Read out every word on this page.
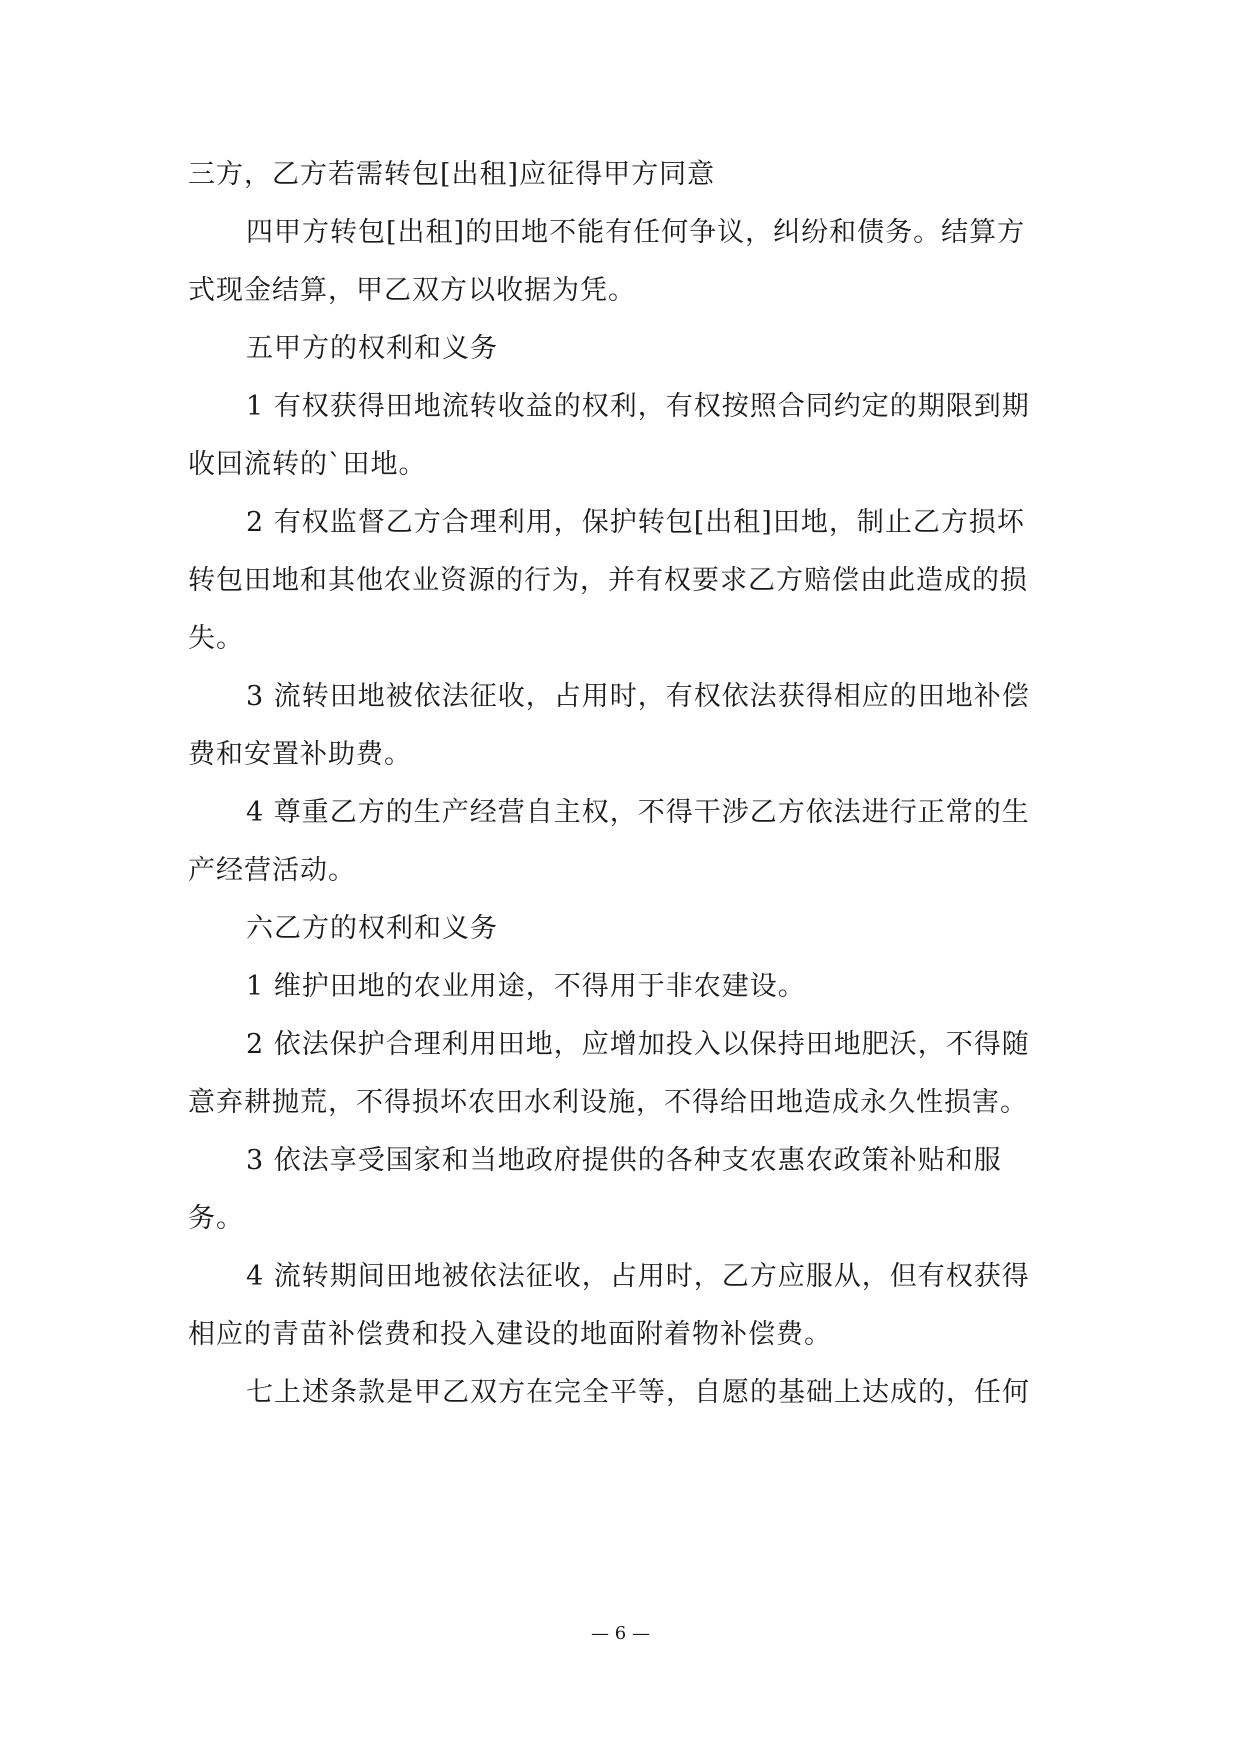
三方，乙方若需转包[出租]应征得甲方同意
四甲方转包[出租]的田地不能有任何争议，纠纷和债务。结算方
式现金结算，甲乙双方以收据为凭。
五甲方的权利和义务
1 有权获得田地流转收益的权利，有权按照合同约定的期限到期
收回流转的`田地。
2 有权监督乙方合理利用，保护转包[出租]田地，制止乙方损坏
转包田地和其他农业资源的行为，并有权要求乙方赔偿由此造成的损
失。
3 流转田地被依法征收，占用时，有权依法获得相应的田地补偿
费和安置补助费。
4 尊重乙方的生产经营自主权，不得干涉乙方依法进行正常的生
产经营活动。
六乙方的权利和义务
1 维护田地的农业用途，不得用于非农建设。
2 依法保护合理利用田地，应增加投入以保持田地肥沃，不得随
意弃耕抛荒，不得损坏农田水利设施，不得给田地造成永久性损害。
3 依法享受国家和当地政府提供的各种支农惠农政策补贴和服
务。
4 流转期间田地被依法征收，占用时，乙方应服从，但有权获得
相应的青苗补偿费和投入建设的地面附着物补偿费。
七上述条款是甲乙双方在完全平等，自愿的基础上达成的，任何
— 6 —
